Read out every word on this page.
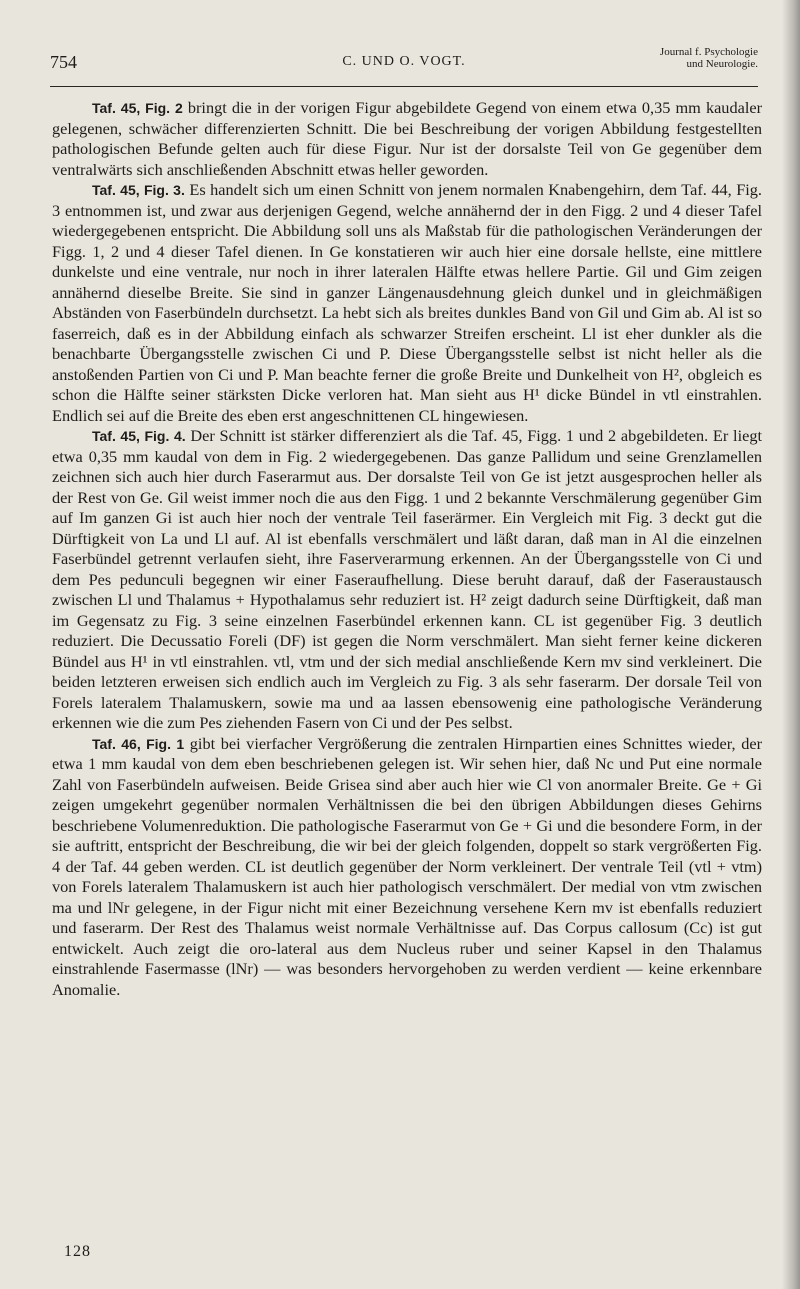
754	C. UND O. VOGT.
Journal f. Psychologie
und Neurologie.

Taf. 45, Fig. 2 bringt die in der vorigen Figur abgebildete Gegend von einem etwa 0,35 mm kaudaler gelegenen, schwächer differenzierten Schnitt. Die bei Beschreibung der vorigen Abbildung festgestellten pathologischen Befunde gelten auch für diese Figur. Nur ist der dorsalste Teil von Ge gegenüber dem ventralwärts sich anschließenden Abschnitt etwas heller geworden.

Taf. 45, Fig. 3. Es handelt sich um einen Schnitt von jenem normalen Knabengehirn, dem Taf. 44, Fig. 3 entnommen ist, und zwar aus derjenigen Gegend, welche annähernd der in den Figg. 2 und 4 dieser Tafel wiedergegebenen entspricht. Die Abbildung soll uns als Maßstab für die pathologischen Veränderungen der Figg. 1, 2 und 4 dieser Tafel dienen. In Ge konstatieren wir auch hier eine dorsale hellste, eine mittlere dunkelste und eine ventrale, nur noch in ihrer lateralen Hälfte etwas hellere Partie. Gil und Gim zeigen annähernd dieselbe Breite. Sie sind in ganzer Längenausdehnung gleich dunkel und in gleichmäßigen Abständen von Faserbündeln durchsetzt. La hebt sich als breites dunkles Band von Gil und Gim ab. Al ist so faserreich, daß es in der Abbildung einfach als schwarzer Streifen erscheint. Ll ist eher dunkler als die benachbarte Übergangsstelle zwischen Ci und P. Diese Übergangsstelle selbst ist nicht heller als die anstoßenden Partien von Ci und P. Man beachte ferner die große Breite und Dunkelheit von H², obgleich es schon die Hälfte seiner stärksten Dicke verloren hat. Man sieht aus H¹ dicke Bündel in vtl einstrahlen. Endlich sei auf die Breite des eben erst angeschnittenen CL hingewiesen.

Taf. 45, Fig. 4. Der Schnitt ist stärker differenziert als die Taf. 45, Figg. 1 und 2 abgebildeten. Er liegt etwa 0,35 mm kaudal von dem in Fig. 2 wiedergegebenen. Das ganze Pallidum und seine Grenzlamellen zeichnen sich auch hier durch Faserarmut aus. Der dorsalste Teil von Ge ist jetzt ausgesprochen heller als der Rest von Ge. Gil weist immer noch die aus den Figg. 1 und 2 bekannte Verschmälerung gegenüber Gim auf Im ganzen Gi ist auch hier noch der ventrale Teil faserärmer. Ein Vergleich mit Fig. 3 deckt gut die Dürftigkeit von La und Ll auf. Al ist ebenfalls verschmälert und läßt daran, daß man in Al die einzelnen Faserbündel getrennt verlaufen sieht, ihre Faserverarmung erkennen. An der Übergangsstelle von Ci und dem Pes pedunculi begegnen wir einer Faseraufhellung. Diese beruht darauf, daß der Faseraustausch zwischen Ll und Thalamus + Hypothalamus sehr reduziert ist. H² zeigt dadurch seine Dürftigkeit, daß man im Gegensatz zu Fig. 3 seine einzelnen Faserbündel erkennen kann. CL ist gegenüber Fig. 3 deutlich reduziert. Die Decussatio Foreli (DF) ist gegen die Norm verschmälert. Man sieht ferner keine dickeren Bündel aus H¹ in vtl einstrahlen. vtl, vtm und der sich medial anschließende Kern mv sind verkleinert. Die beiden letzteren erweisen sich endlich auch im Vergleich zu Fig. 3 als sehr faserarm. Der dorsale Teil von Forels lateralem Thalamuskern, sowie ma und aa lassen ebensowenig eine pathologische Veränderung erkennen wie die zum Pes ziehenden Fasern von Ci und der Pes selbst.

Taf. 46, Fig. 1 gibt bei vierfacher Vergrößerung die zentralen Hirnpartien eines Schnittes wieder, der etwa 1 mm kaudal von dem eben beschriebenen gelegen ist. Wir sehen hier, daß Nc und Put eine normale Zahl von Faserbündeln aufweisen. Beide Grisea sind aber auch hier wie Cl von anormaler Breite. Ge + Gi zeigen umgekehrt gegenüber normalen Verhältnissen die bei den übrigen Abbildungen dieses Gehirns beschriebene Volumenreduktion. Die pathologische Faserarmut von Ge + Gi und die besondere Form, in der sie auftritt, entspricht der Beschreibung, die wir bei der gleich folgenden, doppelt so stark vergrößerten Fig. 4 der Taf. 44 geben werden. CL ist deutlich gegenüber der Norm verkleinert. Der ventrale Teil (vtl + vtm) von Forels lateralem Thalamuskern ist auch hier pathologisch verschmälert. Der medial von vtm zwischen ma und lNr gelegene, in der Figur nicht mit einer Bezeichnung versehene Kern mv ist ebenfalls reduziert und faserarm. Der Rest des Thalamus weist normale Verhältnisse auf. Das Corpus callosum (Cc) ist gut entwickelt. Auch zeigt die oro-lateral aus dem Nucleus ruber und seiner Kapsel in den Thalamus einstrahlende Fasermasse (lNr) — was besonders hervorgehoben zu werden verdient — keine erkennbare Anomalie.

128
